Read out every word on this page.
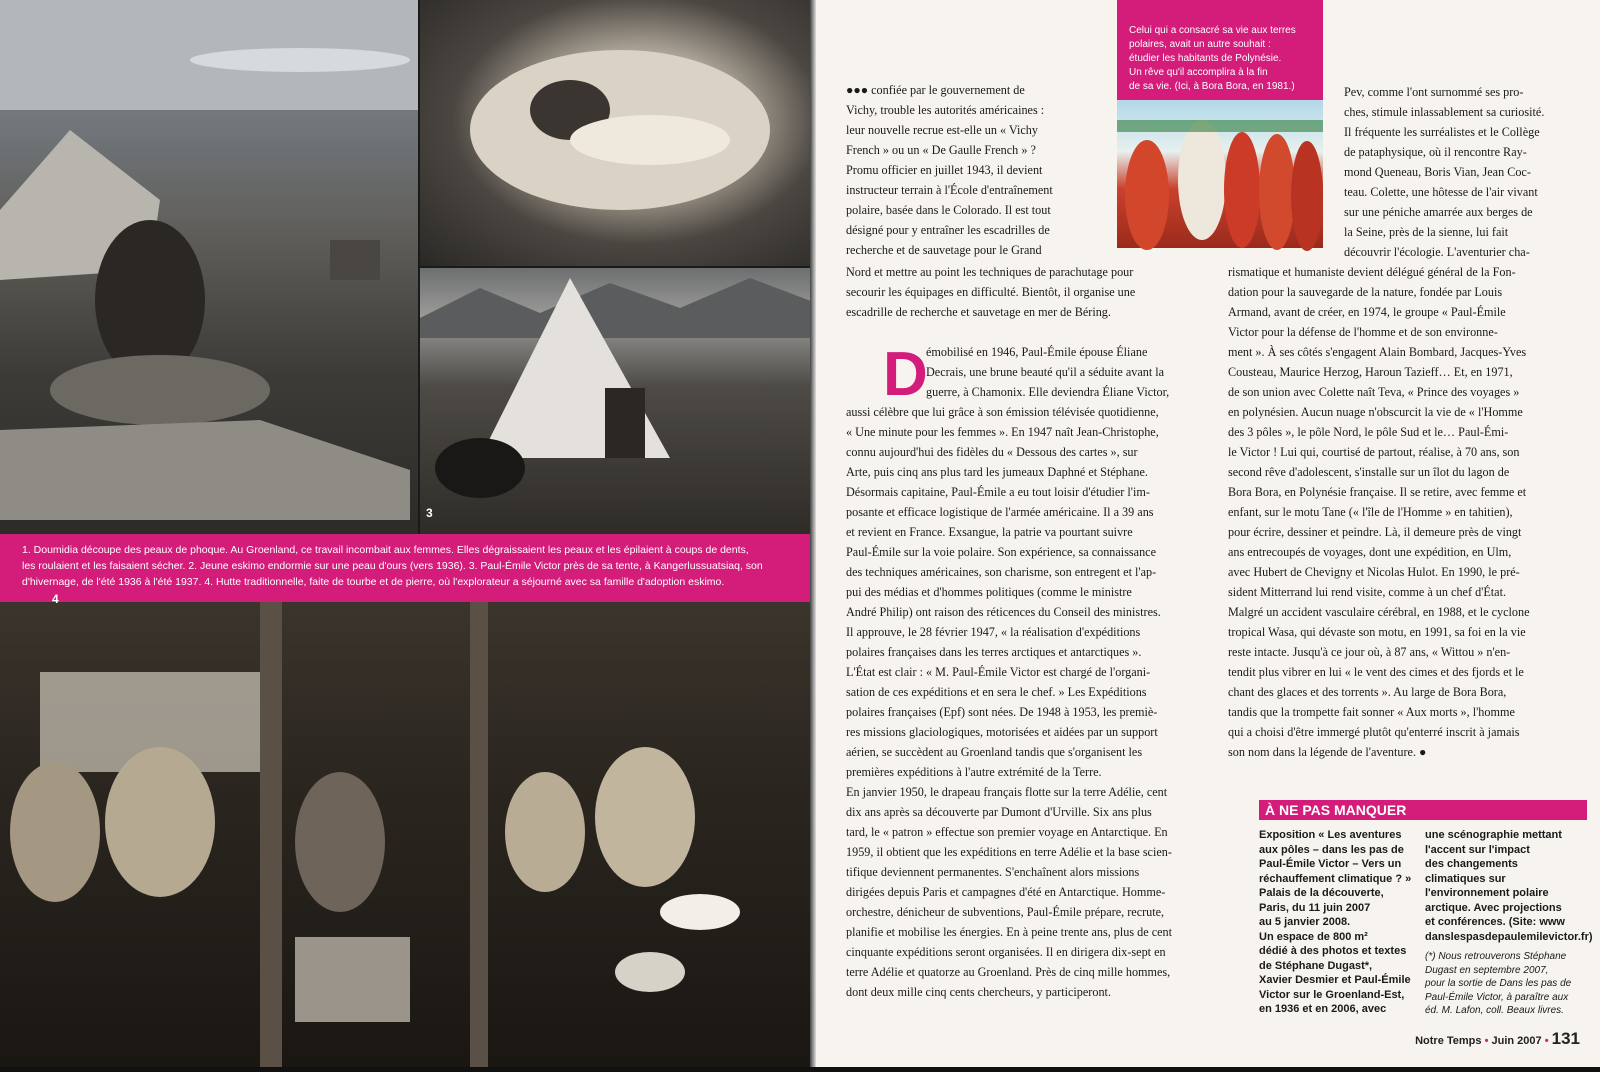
3
1. Doumidia découpe des peaux de phoque. Au Groenland, ce travail incombait aux femmes. Elles dégraissaient les peaux et les épilaient à coups de dents,
les roulaient et les faisaient sécher. 2. Jeune eskimo endormie sur une peau d'ours (vers 1936). 3. Paul-Émile Victor près de sa tente, à Kangerlussuatsiaq, son
d'hivernage, de l'été 1936 à l'été 1937. 4. Hutte traditionnelle, faite de tourbe et de pierre, où l'explorateur a séjourné avec sa famille d'adoption eskimo.
4
Celui qui a consacré sa vie aux terres
polaires, avait un autre souhait :
étudier les habitants de Polynésie.
Un rêve qu'il accomplira à la fin
de sa vie. (Ici, à Bora Bora, en 1981.)
●●● confiée par le gouvernement de
Vichy, trouble les autorités américaines :
leur nouvelle recrue est-elle un « Vichy
French » ou un « De Gaulle French » ?
Promu officier en juillet 1943, il devient
instructeur terrain à l'École d'entraînement
polaire, basée dans le Colorado. Il est tout
désigné pour y entraîner les escadrilles de
recherche et de sauvetage pour le Grand
Nord et mettre au point les techniques de parachutage pour
secourir les équipages en difficulté. Bientôt, il organise une
escadrille de recherche et sauvetage en mer de Béring.
D
émobilisé en 1946, Paul-Émile épouse Éliane
Decrais, une brune beauté qu'il a séduite avant la
guerre, à Chamonix. Elle deviendra Éliane Victor,
aussi célèbre que lui grâce à son émission télévisée quotidienne,
« Une minute pour les femmes ». En 1947 naît Jean-Christophe,
connu aujourd'hui des fidèles du « Dessous des cartes », sur
Arte, puis cinq ans plus tard les jumeaux Daphné et Stéphane.
Désormais capitaine, Paul-Émile a eu tout loisir d'étudier l'im-
posante et efficace logistique de l'armée américaine. Il a 39 ans
et revient en France. Exsangue, la patrie va pourtant suivre
Paul-Émile sur la voie polaire. Son expérience, sa connaissance
des techniques américaines, son charisme, son entregent et l'ap-
pui des médias et d'hommes politiques (comme le ministre
André Philip) ont raison des réticences du Conseil des ministres.
Il approuve, le 28 février 1947, « la réalisation d'expéditions
polaires françaises dans les terres arctiques et antarctiques ».
L'État est clair : « M. Paul-Émile Victor est chargé de l'organi-
sation de ces expéditions et en sera le chef. » Les Expéditions
polaires françaises (Epf) sont nées. De 1948 à 1953, les premiè-
res missions glaciologiques, motorisées et aidées par un support
aérien, se succèdent au Groenland tandis que s'organisent les
premières expéditions à l'autre extrémité de la Terre.
En janvier 1950, le drapeau français flotte sur la terre Adélie, cent
dix ans après sa découverte par Dumont d'Urville. Six ans plus
tard, le « patron » effectue son premier voyage en Antarctique. En
1959, il obtient que les expéditions en terre Adélie et la base scien-
tifique deviennent permanentes. S'enchaînent alors missions
dirigées depuis Paris et campagnes d'été en Antarctique. Homme-
orchestre, dénicheur de subventions, Paul-Émile prépare, recrute,
planifie et mobilise les énergies. En à peine trente ans, plus de cent
cinquante expéditions seront organisées. Il en dirigera dix-sept en
terre Adélie et quatorze au Groenland. Près de cinq mille hommes,
dont deux mille cinq cents chercheurs, y participeront.
Pev, comme l'ont surnommé ses pro-
ches, stimule inlassablement sa curiosité.
Il fréquente les surréalistes et le Collège
de pataphysique, où il rencontre Ray-
mond Queneau, Boris Vian, Jean Coc-
teau. Colette, une hôtesse de l'air vivant
sur une péniche amarrée aux berges de
la Seine, près de la sienne, lui fait
découvrir l'écologie. L'aventurier cha-
rismatique et humaniste devient délégué général de la Fon-
dation pour la sauvegarde de la nature, fondée par Louis
Armand, avant de créer, en 1974, le groupe « Paul-Émile
Victor pour la défense de l'homme et de son environne-
ment ». À ses côtés s'engagent Alain Bombard, Jacques-Yves
Cousteau, Maurice Herzog, Haroun Tazieff… Et, en 1971,
de son union avec Colette naît Teva, « Prince des voyages »
en polynésien. Aucun nuage n'obscurcit la vie de « l'Homme
des 3 pôles », le pôle Nord, le pôle Sud et le… Paul-Émi-
le Victor ! Lui qui, courtisé de partout, réalise, à 70 ans, son
second rêve d'adolescent, s'installe sur un îlot du lagon de
Bora Bora, en Polynésie française. Il se retire, avec femme et
enfant, sur le motu Tane (« l'île de l'Homme » en tahitien),
pour écrire, dessiner et peindre. Là, il demeure près de vingt
ans entrecoupés de voyages, dont une expédition, en Ulm,
avec Hubert de Chevigny et Nicolas Hulot. En 1990, le pré-
sident Mitterrand lui rend visite, comme à un chef d'État.
Malgré un accident vasculaire cérébral, en 1988, et le cyclone
tropical Wasa, qui dévaste son motu, en 1991, sa foi en la vie
reste intacte. Jusqu'à ce jour où, à 87 ans, « Wittou » n'en-
tendit plus vibrer en lui « le vent des cimes et des fjords et le
chant des glaces et des torrents ». Au large de Bora Bora,
tandis que la trompette fait sonner « Aux morts », l'homme
qui a choisi d'être immergé plutôt qu'enterré inscrit à jamais
son nom dans la légende de l'aventure. ●
À NE PAS MANQUER
Exposition « Les aventures
aux pôles – dans les pas de
Paul-Émile Victor – Vers un
réchauffement climatique ? »
Palais de la découverte,
Paris, du 11 juin 2007
au 5 janvier 2008.
Un espace de 800 m²
dédié à des photos et textes
de Stéphane Dugast*,
Xavier Desmier et Paul-Émile
Victor sur le Groenland-Est,
en 1936 et en 2006, avec
une scénographie mettant
l'accent sur l'impact
des changements
climatiques sur
l'environnement polaire
arctique. Avec projections
et conférences. (Site: www
danslespasdepaulemilevictor.fr)
(*) Nous retrouverons Stéphane
Dugast en septembre 2007,
pour la sortie de Dans les pas de
Paul-Émile Victor, à paraître aux
éd. M. Lafon, coll. Beaux livres.
Notre Temps • Juin 2007 • 131
